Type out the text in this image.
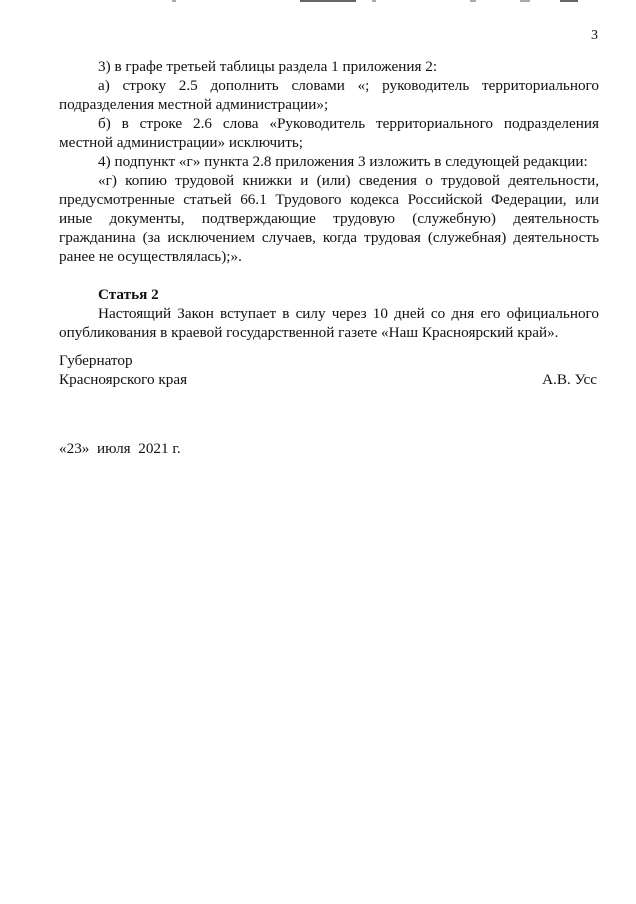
3

3) в графе третьей таблицы раздела 1 приложения 2:

а) строку 2.5 дополнить словами «; руководитель территориального подразделения местной администрации»;

б) в строке 2.6 слова «Руководитель территориального подразделения местной администрации» исключить;

4) подпункт «г» пункта 2.8 приложения 3 изложить в следующей редакции:

«г) копию трудовой книжки и (или) сведения о трудовой деятельности, предусмотренные статьей 66.1 Трудового кодекса Российской Федерации, или иные документы, подтверждающие трудовую (служебную) деятельность гражданина (за исключением случаев, когда трудовая (служебная) деятельность ранее не осуществлялась);».

Статья 2

Настоящий Закон вступает в силу через 10 дней со дня его официального опубликования в краевой государственной газете «Наш Красноярский край».

Губернатор
Красноярского края	А.В. Усс
«23»  июля  2021 г.
